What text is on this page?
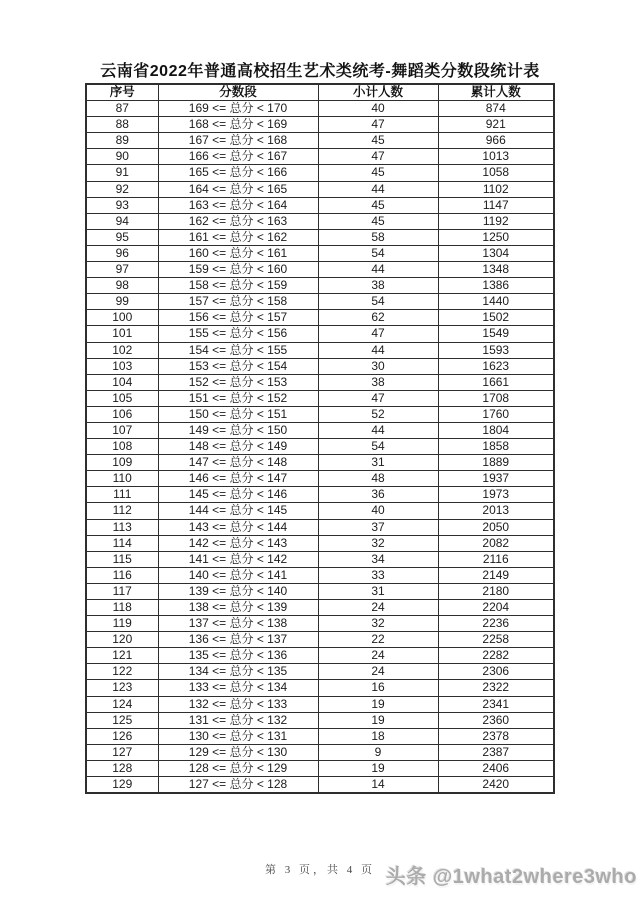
云南省2022年普通高校招生艺术类统考-舞蹈类分数段统计表
序号	分数段	小计人数	累计人数
87	169 <= 总分 < 170	40	874
88	168 <= 总分 < 169	47	921
89	167 <= 总分 < 168	45	966
90	166 <= 总分 < 167	47	1013
91	165 <= 总分 < 166	45	1058
92	164 <= 总分 < 165	44	1102
93	163 <= 总分 < 164	45	1147
94	162 <= 总分 < 163	45	1192
95	161 <= 总分 < 162	58	1250
96	160 <= 总分 < 161	54	1304
97	159 <= 总分 < 160	44	1348
98	158 <= 总分 < 159	38	1386
99	157 <= 总分 < 158	54	1440
100	156 <= 总分 < 157	62	1502
101	155 <= 总分 < 156	47	1549
102	154 <= 总分 < 155	44	1593
103	153 <= 总分 < 154	30	1623
104	152 <= 总分 < 153	38	1661
105	151 <= 总分 < 152	47	1708
106	150 <= 总分 < 151	52	1760
107	149 <= 总分 < 150	44	1804
108	148 <= 总分 < 149	54	1858
109	147 <= 总分 < 148	31	1889
110	146 <= 总分 < 147	48	1937
111	145 <= 总分 < 146	36	1973
112	144 <= 总分 < 145	40	2013
113	143 <= 总分 < 144	37	2050
114	142 <= 总分 < 143	32	2082
115	141 <= 总分 < 142	34	2116
116	140 <= 总分 < 141	33	2149
117	139 <= 总分 < 140	31	2180
118	138 <= 总分 < 139	24	2204
119	137 <= 总分 < 138	32	2236
120	136 <= 总分 < 137	22	2258
121	135 <= 总分 < 136	24	2282
122	134 <= 总分 < 135	24	2306
123	133 <= 总分 < 134	16	2322
124	132 <= 总分 < 133	19	2341
125	131 <= 总分 < 132	19	2360
126	130 <= 总分 < 131	18	2378
127	129 <= 总分 < 130	9	2387
128	128 <= 总分 < 129	19	2406
129	127 <= 总分 < 128	14	2420
第 3 页，共 4 页 头条 @1what2where3who
